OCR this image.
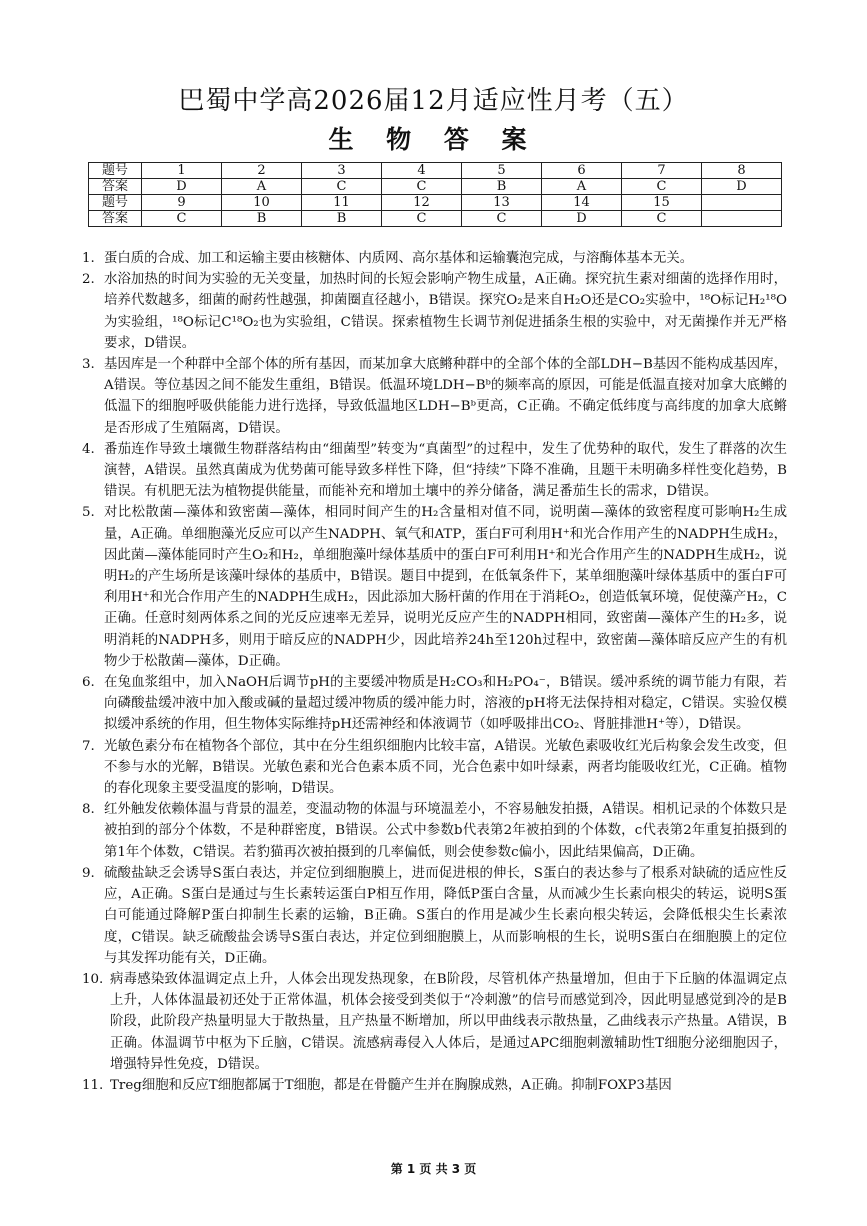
巴蜀中学高2026届12月适应性月考（五）
生 物 答 案
题号	1	2	3	4	5	6	7	8
答案	D	A	C	C	B	A	C	D
题号	9	10	11	12	13	14	15	
答案	C	B	B	C	C	D	C	
1. 蛋白质的合成、加工和运输主要由核糖体、内质网、高尔基体和运输囊泡完成，与溶酶体基本无关。
2. 水浴加热的时间为实验的无关变量，加热时间的长短会影响产物生成量，A正确。探究抗生素对细菌的选择作用时，培养代数越多，细菌的耐药性越强，抑菌圈直径越小，B错误。探究O₂是来自H₂O还是CO₂实验中，¹⁸O标记H₂¹⁸O为实验组，¹⁸O标记C¹⁸O₂也为实验组，C错误。探索植物生长调节剂促进插条生根的实验中，对无菌操作并无严格要求，D错误。
3. 基因库是一个种群中全部个体的所有基因，而某加拿大底鳉种群中的全部个体的全部LDH−B基因不能构成基因库，A错误。等位基因之间不能发生重组，B错误。低温环境LDH−Bᵇ的频率高的原因，可能是低温直接对加拿大底鳉的低温下的细胞呼吸供能能力进行选择，导致低温地区LDH−Bᵇ更高，C正确。不确定低纬度与高纬度的加拿大底鳉是否形成了生殖隔离，D错误。
4. 番茄连作导致土壤微生物群落结构由“细菌型”转变为“真菌型”的过程中，发生了优势种的取代，发生了群落的次生演替，A错误。虽然真菌成为优势菌可能导致多样性下降，但“持续”下降不准确，且题干未明确多样性变化趋势，B错误。有机肥无法为植物提供能量，而能补充和增加土壤中的养分储备，满足番茄生长的需求，D错误。
5. 对比松散菌—藻体和致密菌—藻体，相同时间产生的H₂含量相对值不同，说明菌—藻体的致密程度可影响H₂生成量，A正确。单细胞藻光反应可以产生NADPH、氧气和ATP，蛋白F可利用H⁺和光合作用产生的NADPH生成H₂，因此菌—藻体能同时产生O₂和H₂，单细胞藻叶绿体基质中的蛋白F可利用H⁺和光合作用产生的NADPH生成H₂，说明H₂的产生场所是该藻叶绿体的基质中，B错误。题目中提到，在低氧条件下，某单细胞藻叶绿体基质中的蛋白F可利用H⁺和光合作用产生的NADPH生成H₂，因此添加大肠杆菌的作用在于消耗O₂，创造低氧环境，促使藻产H₂，C正确。任意时刻两体系之间的光反应速率无差异，说明光反应产生的NADPH相同，致密菌—藻体产生的H₂多，说明消耗的NADPH多，则用于暗反应的NADPH少，因此培养24h至120h过程中，致密菌—藻体暗反应产生的有机物少于松散菌—藻体，D正确。
6. 在兔血浆组中，加入NaOH后调节pH的主要缓冲物质是H₂CO₃和H₂PO₄⁻，B错误。缓冲系统的调节能力有限，若向磷酸盐缓冲液中加入酸或碱的量超过缓冲物质的缓冲能力时，溶液的pH将无法保持相对稳定，C错误。实验仅模拟缓冲系统的作用，但生物体实际维持pH还需神经和体液调节（如呼吸排出CO₂、肾脏排泄H⁺等），D错误。
7. 光敏色素分布在植物各个部位，其中在分生组织细胞内比较丰富，A错误。光敏色素吸收红光后构象会发生改变，但不参与水的光解，B错误。光敏色素和光合色素本质不同，光合色素中如叶绿素，两者均能吸收红光，C正确。植物的春化现象主要受温度的影响，D错误。
8. 红外触发依赖体温与背景的温差，变温动物的体温与环境温差小，不容易触发拍摄，A错误。相机记录的个体数只是被拍到的部分个体数，不是种群密度，B错误。公式中参数b代表第2年被拍到的个体数，c代表第2年重复拍摄到的第1年个体数，C错误。若豹猫再次被拍摄到的几率偏低，则会使参数c偏小，因此结果偏高，D正确。
9. 硫酸盐缺乏会诱导S蛋白表达，并定位到细胞膜上，进而促进根的伸长，S蛋白的表达参与了根系对缺硫的适应性反应，A正确。S蛋白是通过与生长素转运蛋白P相互作用，降低P蛋白含量，从而减少生长素向根尖的转运，说明S蛋白可能通过降解P蛋白抑制生长素的运输，B正确。S蛋白的作用是减少生长素向根尖转运，会降低根尖生长素浓度，C错误。缺乏硫酸盐会诱导S蛋白表达，并定位到细胞膜上，从而影响根的生长，说明S蛋白在细胞膜上的定位与其发挥功能有关，D正确。
10. 病毒感染致体温调定点上升，人体会出现发热现象，在B阶段，尽管机体产热量增加，但由于下丘脑的体温调定点上升，人体体温最初还处于正常体温，机体会接受到类似于“冷刺激”的信号而感觉到冷，因此明显感觉到冷的是B阶段，此阶段产热量明显大于散热量，且产热量不断增加，所以甲曲线表示散热量，乙曲线表示产热量。A错误，B正确。体温调节中枢为下丘脑，C错误。流感病毒侵入人体后，是通过APC细胞刺激辅助性T细胞分泌细胞因子，增强特异性免疫，D错误。
11. Treg细胞和反应T细胞都属于T细胞，都是在骨髓产生并在胸腺成熟，A正确。抑制FOXP3基因
第 1 页 共 3 页
